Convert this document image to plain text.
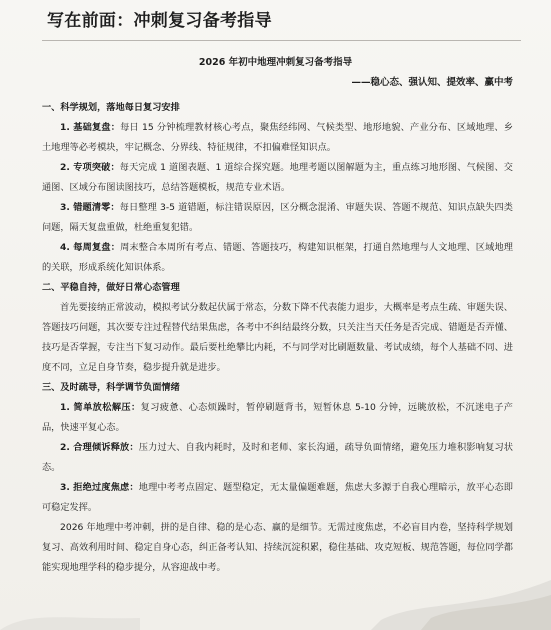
写在前面：冲刺复习备考指导
2026 年初中地理冲刺复习备考指导
——稳心态、强认知、提效率、赢中考

一、科学规划，落地每日复习安排

1. 基础复盘：每日 15 分钟梳理教材核心考点，聚焦经纬网、气候类型、地形地貌、产业分布、区域地理、乡土地理等必考模块，牢记概念、分界线、特征规律，不扣偏难怪知识点。

2. 专项突破：每天完成 1 道图表题、1 道综合探究题。地理考题以图解题为主，重点练习地形图、气候图、交通图、区域分布图读图技巧，总结答题模板，规范专业术语。

3. 错题清零：每日整理 3-5 道错题，标注错误原因，区分概念混淆、审题失误、答题不规范、知识点缺失四类问题，隔天复盘重做，杜绝重复犯错。

4. 每周复盘：周末整合本周所有考点、错题、答题技巧，构建知识框架，打通自然地理与人文地理、区域地理的关联，形成系统化知识体系。

二、平稳自持，做好日常心态管理

首先要接纳正常波动，模拟考试分数起伏属于常态，分数下降不代表能力退步，大概率是考点生疏、审题失误、答题技巧问题，其次要专注过程替代结果焦虑，各考中不纠结最终分数，只关注当天任务是否完成、错题是否弄懂、技巧是否掌握，专注当下复习动作。最后要杜绝攀比内耗，不与同学对比刷题数量、考试成绩，每个人基础不同、进度不同，立足自身节奏，稳步提升就是进步。

三、及时疏导，科学调节负面情绪

1. 简单放松解压：复习疲惫、心态烦躁时，暂停刷题背书，短暂休息 5-10 分钟，远眺放松，不沉迷电子产品，快速平复心态。

2. 合理倾诉释放：压力过大、自我内耗时，及时和老师、家长沟通，疏导负面情绪，避免压力堆积影响复习状态。

3. 拒绝过度焦虑：地理中考考点固定、题型稳定，无太量偏题难题，焦虑大多源于自我心理暗示，放平心态即可稳定发挥。

2026 年地理中考冲刺，拼的是自律、稳的是心态、赢的是细节。无需过度焦虑，不必盲目内卷，坚持科学规划复习、高效利用时间、稳定自身心态，纠正备考认知、持续沉淀积累，稳住基础、攻克短板、规范答题，每位同学都能实现地理学科的稳步提分，从容迎战中考。
